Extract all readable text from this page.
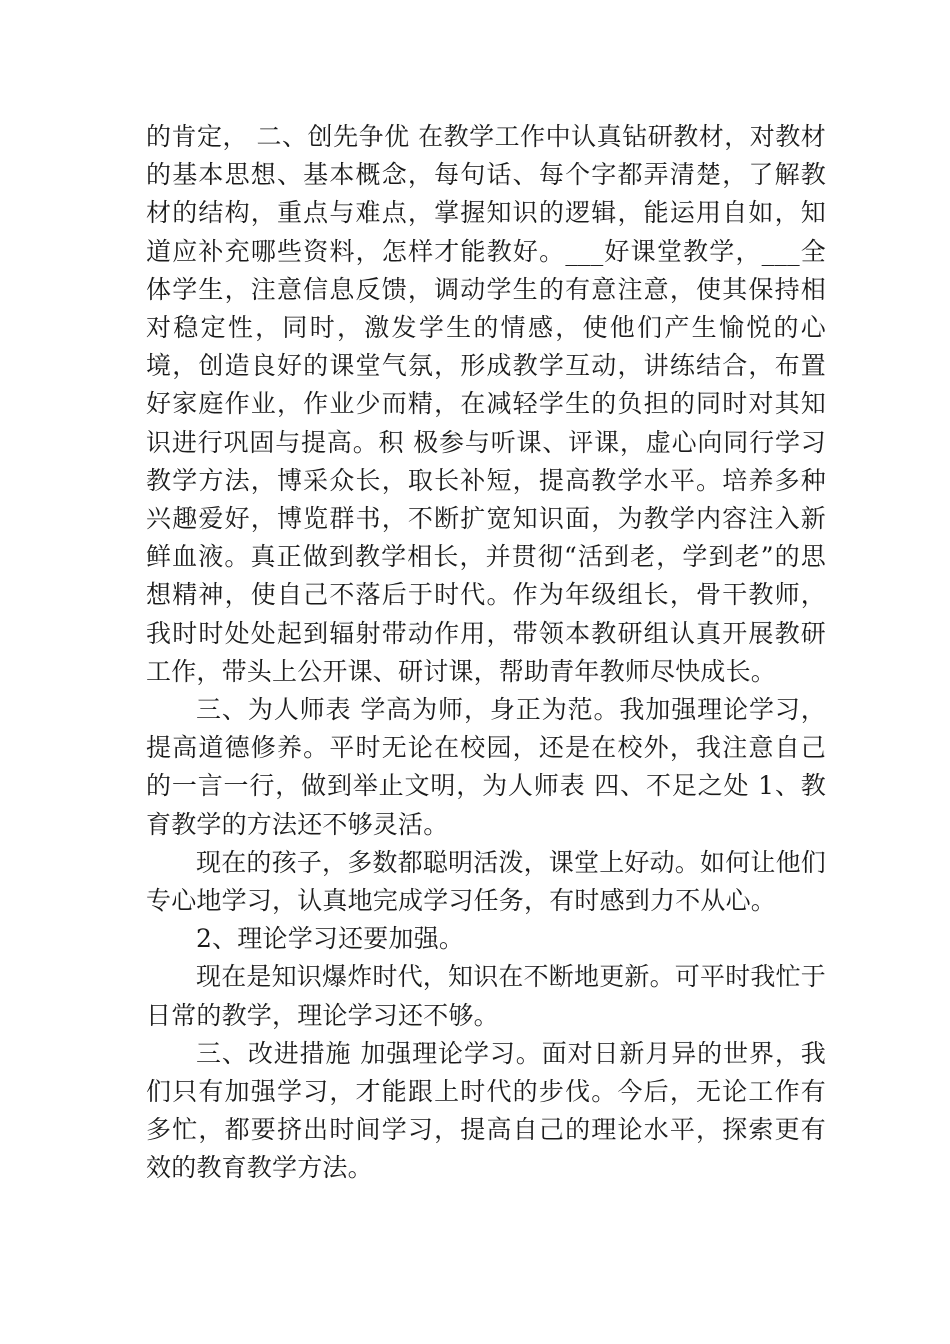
的肯定， 二、创先争优 在教学工作中认真钻研教材，对教材的基本思想、基本概念，每句话、每个字都弄清楚，了解教材的结构，重点与难点，掌握知识的逻辑，能运用自如，知道应补充哪些资料，怎样才能教好。___好课堂教学，___全体学生，注意信息反馈，调动学生的有意注意，使其保持相对稳定性，同时，激发学生的情感，使他们产生愉悦的心境，创造良好的课堂气氛，形成教学互动，讲练结合，布置好家庭作业，作业少而精，在减轻学生的负担的同时对其知识进行巩固与提高。积 极参与听课、评课，虚心向同行学习教学方法，博采众长，取长补短，提高教学水平。培养多种兴趣爱好，博览群书，不断扩宽知识面，为教学内容注入新鲜血液。真正做到教学相长，并贯彻“活到老，学到老”的思想精神，使自己不落后于时代。作为年级组长，骨干教师，我时时处处起到辐射带动作用，带领本教研组认真开展教研工作，带头上公开课、研讨课，帮助青年教师尽快成长。

三、为人师表 学高为师，身正为范。我加强理论学习，提高道德修养。平时无论在校园，还是在校外，我注意自己的一言一行，做到举止文明，为人师表 四、不足之处 1、教育教学的方法还不够灵活。

现在的孩子，多数都聪明活泼，课堂上好动。如何让他们专心地学习，认真地完成学习任务，有时感到力不从心。

2、理论学习还要加强。

现在是知识爆炸时代，知识在不断地更新。可平时我忙于日常的教学，理论学习还不够。

三、改进措施 加强理论学习。面对日新月异的世界，我们只有加强学习，才能跟上时代的步伐。今后，无论工作有多忙，都要挤出时间学习，提高自己的理论水平，探索更有效的教育教学方法。
